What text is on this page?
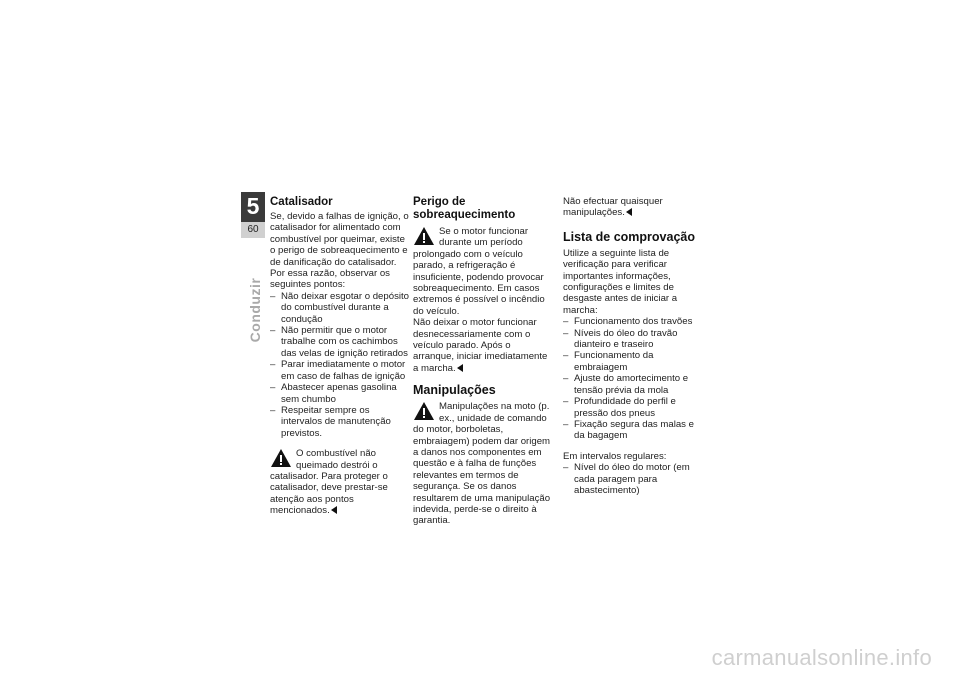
5
60
Conduzir
Catalisador

Se, devido a falhas de ignição, o catalisador for alimentado com combustível por queimar, existe o perigo de sobreaquecimento e de danificação do catalisador.

Por essa razão, observar os seguintes pontos:

– Não deixar esgotar o depósito do combustível durante a condução
– Não permitir que o motor trabalhe com os cachimbos das velas de ignição retirados
– Parar imediatamente o motor em caso de falhas de ignição
– Abastecer apenas gasolina sem chumbo
– Respeitar sempre os intervalos de manutenção previstos.
O combustível não queimado destrói o catalisador. Para proteger o catalisador, deve prestar-se atenção aos pontos mencionados.
Perigo de sobreaquecimento
Se o motor funcionar durante um período prolongado com o veículo parado, a refrigeração é insuficiente, podendo provocar sobreaquecimento. Em casos extremos é possível o incêndio do veículo.

Não deixar o motor funcionar desnecessariamente com o veículo parado. Após o arranque, iniciar imediatamente a marcha.

Manipulações
Manipulações na moto (p. ex., unidade de comando do motor, borboletas, embraiagem) podem dar origem a danos nos componentes em questão e à falha de funções relevantes em termos de segurança. Se os danos resultarem de uma manipulação indevida, perde-se o direito à garantia.

Não efectuar quaisquer manipulações.

Lista de comprovação

Utilize a seguinte lista de verificação para verificar importantes informações, configurações e limites de desgaste antes de iniciar a marcha:

– Funcionamento dos travões
– Níveis do óleo do travão dianteiro e traseiro
– Funcionamento da embraiagem
– Ajuste do amortecimento e tensão prévia da mola
– Profundidade do perfil e pressão dos pneus
– Fixação segura das malas e da bagagem

Em intervalos regulares:

– Nível do óleo do motor (em cada paragem para abastecimento)
carmanualsonline.info
